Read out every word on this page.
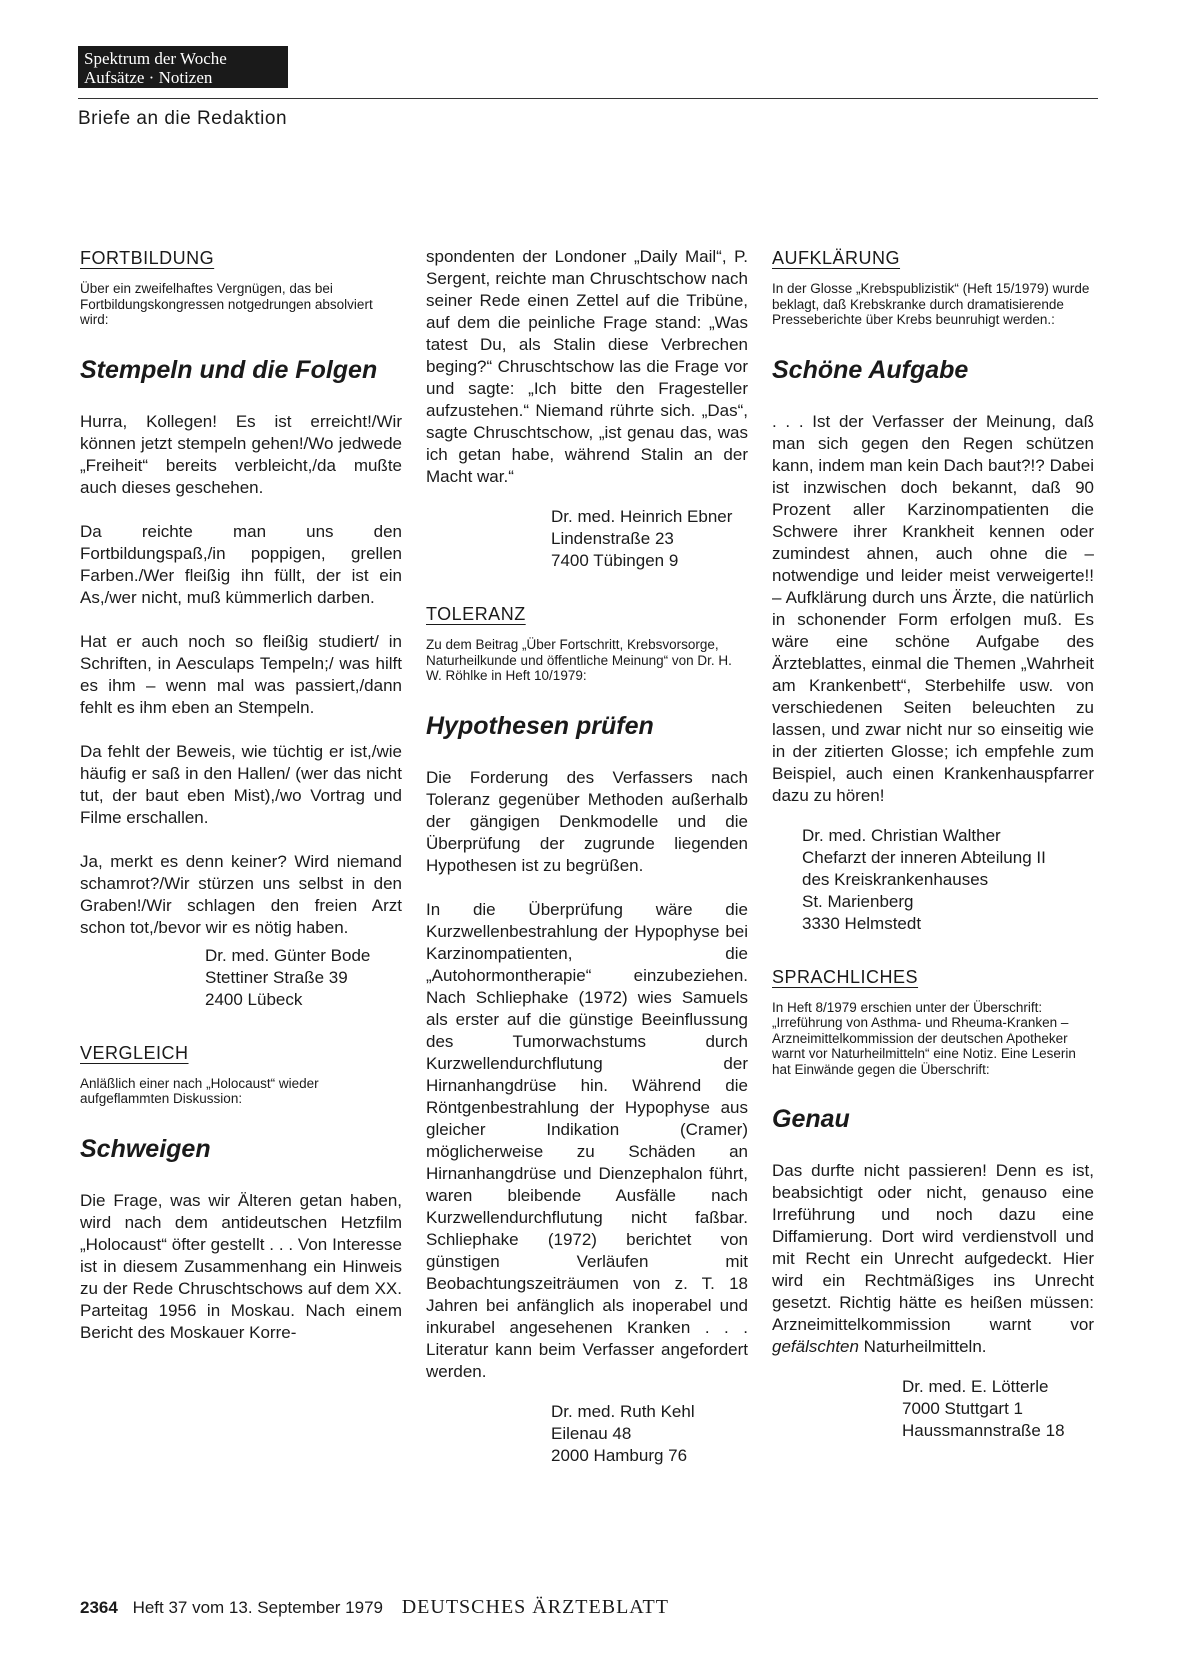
Spektrum der Woche
Aufsätze · Notizen
Briefe an die Redaktion
FORTBILDUNG
Über ein zweifelhaftes Vergnügen, das bei Fortbildungskongressen notgedrungen absolviert wird:
Stempeln und die Folgen

Hurra, Kollegen! Es ist erreicht!/Wir können jetzt stempeln gehen!/Wo jedwede „Freiheit“ bereits verbleicht,/da mußte auch dieses geschehen.

Da reichte man uns den Fortbildungspaß,/in poppigen, grellen Farben./Wer fleißig ihn füllt, der ist ein As,/wer nicht, muß kümmerlich darben.

Hat er auch noch so fleißig studiert/ in Schriften, in Aesculaps Tempeln;/ was hilft es ihm – wenn mal was passiert,/dann fehlt es ihm eben an Stempeln.

Da fehlt der Beweis, wie tüchtig er ist,/wie häufig er saß in den Hallen/ (wer das nicht tut, der baut eben Mist),/wo Vortrag und Filme erschallen.

Ja, merkt es denn keiner? Wird niemand schamrot?/Wir stürzen uns selbst in den Graben!/Wir schlagen den freien Arzt schon tot,/bevor wir es nötig haben.

Dr. med. Günter Bode
Stettiner Straße 39
2400 Lübeck
VERGLEICH
Anläßlich einer nach „Holocaust“ wieder aufgeflammten Diskussion:
Schweigen

Die Frage, was wir Älteren getan haben, wird nach dem antideutschen Hetzfilm „Holocaust“ öfter gestellt . . . Von Interesse ist in diesem Zusammenhang ein Hinweis zu der Rede Chruschtschows auf dem XX. Parteitag 1956 in Moskau. Nach einem Bericht des Moskauer Korre-

spondenten der Londoner „Daily Mail“, P. Sergent, reichte man Chruschtschow nach seiner Rede einen Zettel auf die Tribüne, auf dem die peinliche Frage stand: „Was tatest Du, als Stalin diese Verbrechen beging?“ Chruschtschow las die Frage vor und sagte: „Ich bitte den Fragesteller aufzustehen.“ Niemand rührte sich. „Das“, sagte Chruschtschow, „ist genau das, was ich getan habe, während Stalin an der Macht war.“

Dr. med. Heinrich Ebner
Lindenstraße 23
7400 Tübingen 9
TOLERANZ
Zu dem Beitrag „Über Fortschritt, Krebsvorsorge, Naturheilkunde und öffentliche Meinung“ von Dr. H. W. Röhlke in Heft 10/1979:
Hypothesen prüfen

Die Forderung des Verfassers nach Toleranz gegenüber Methoden außerhalb der gängigen Denkmodelle und die Überprüfung der zugrunde liegenden Hypothesen ist zu begrüßen.

In die Überprüfung wäre die Kurzwellenbestrahlung der Hypophyse bei Karzinompatienten, die „Autohormontherapie“ einzubeziehen. Nach Schliephake (1972) wies Samuels als erster auf die günstige Beeinflussung des Tumorwachstums durch Kurzwellendurchflutung der Hirnanhangdrüse hin. Während die Röntgenbestrahlung der Hypophyse aus gleicher Indikation (Cramer) möglicherweise zu Schäden an Hirnanhangdrüse und Dienzephalon führt, waren bleibende Ausfälle nach Kurzwellendurchflutung nicht faßbar. Schliephake (1972) berichtet von günstigen Verläufen mit Beobachtungszeiträumen von z. T. 18 Jahren bei anfänglich als inoperabel und inkurabel angesehenen Kranken . . . Literatur kann beim Verfasser angefordert werden.

Dr. med. Ruth Kehl
Eilenau 48
2000 Hamburg 76
AUFKLÄRUNG
In der Glosse „Krebspublizistik“ (Heft 15/1979) wurde beklagt, daß Krebskranke durch dramatisierende Presseberichte über Krebs beunruhigt werden.:
Schöne Aufgabe

. . . Ist der Verfasser der Meinung, daß man sich gegen den Regen schützen kann, indem man kein Dach baut?!? Dabei ist inzwischen doch bekannt, daß 90 Prozent aller Karzinompatienten die Schwere ihrer Krankheit kennen oder zumindest ahnen, auch ohne die – notwendige und leider meist verweigerte!! – Aufklärung durch uns Ärzte, die natürlich in schonender Form erfolgen muß. Es wäre eine schöne Aufgabe des Ärzteblattes, einmal die Themen „Wahrheit am Krankenbett“, Sterbehilfe usw. von verschiedenen Seiten beleuchten zu lassen, und zwar nicht nur so einseitig wie in der zitierten Glosse; ich empfehle zum Beispiel, auch einen Krankenhauspfarrer dazu zu hören!

Dr. med. Christian Walther
Chefarzt der inneren Abteilung II
des Kreiskrankenhauses
St. Marienberg
3330 Helmstedt
SPRACHLICHES
In Heft 8/1979 erschien unter der Überschrift: „Irreführung von Asthma- und Rheuma-Kranken – Arzneimittelkommission der deutschen Apotheker warnt vor Naturheilmitteln“ eine Notiz. Eine Leserin hat Einwände gegen die Überschrift:
Genau

Das durfte nicht passieren! Denn es ist, beabsichtigt oder nicht, genauso eine Irreführung und noch dazu eine Diffamierung. Dort wird verdienstvoll und mit Recht ein Unrecht aufgedeckt. Hier wird ein Rechtmäßiges ins Unrecht gesetzt. Richtig hätte es heißen müssen: Arzneimittelkommission warnt vor gefälschten Naturheilmitteln.

Dr. med. E. Lötterle
7000 Stuttgart 1
Haussmannstraße 18
2364 Heft 37 vom 13. September 1979 DEUTSCHES ÄRZTEBLATT
